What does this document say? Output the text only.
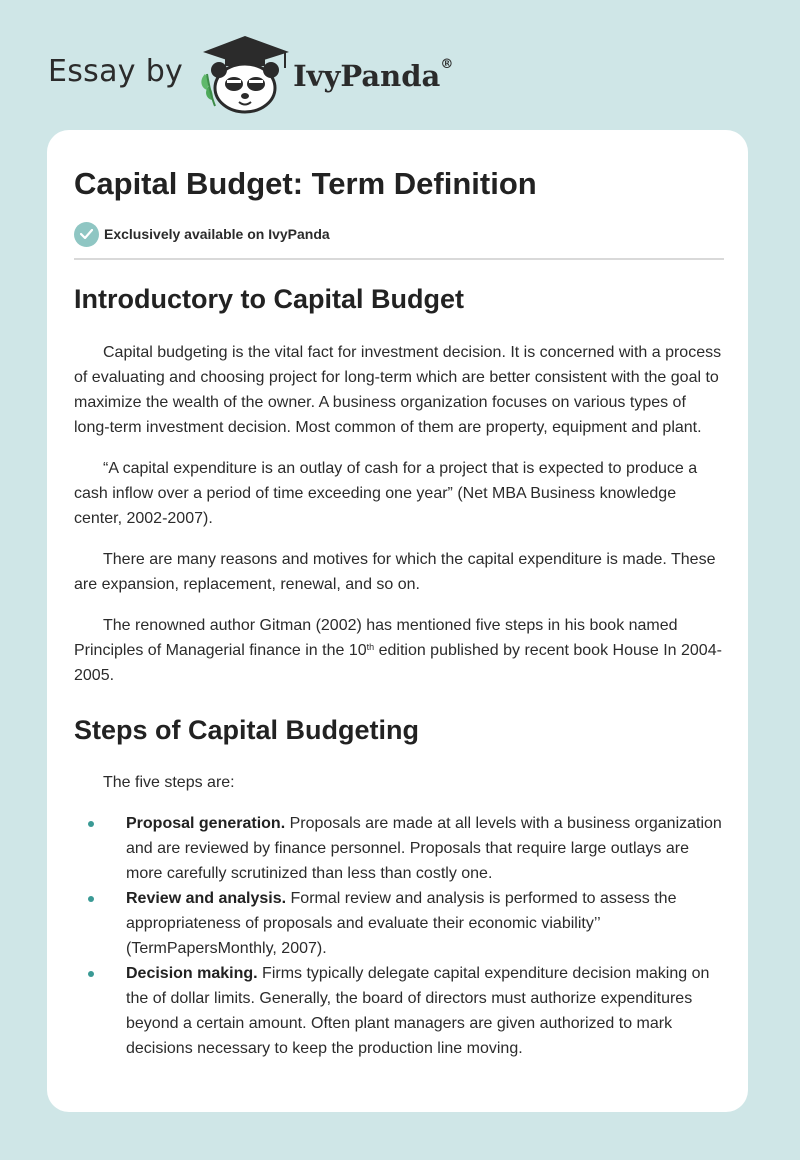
Essay by	IvyPanda®
Capital Budget: Term Definition
Exclusively available on IvyPanda
Introductory to Capital Budget

Capital budgeting is the vital fact for investment decision. It is concerned with a process of evaluating and choosing project for long-term which are better consistent with the goal to maximize the wealth of the owner. A business organization focuses on various types of long-term investment decision. Most common of them are property, equipment and plant.

“A capital expenditure is an outlay of cash for a project that is expected to produce a cash inflow over a period of time exceeding one year” (Net MBA Business knowledge center, 2002-2007).

There are many reasons and motives for which the capital expenditure is made. These are expansion, replacement, renewal, and so on.

The renowned author Gitman (2002) has mentioned five steps in his book named Principles of Managerial finance in the 10th edition published by recent book House In 2004-2005.

Steps of Capital Budgeting

The five steps are:

Proposal generation. Proposals are made at all levels with a business organization and are reviewed by finance personnel. Proposals that require large outlays are more carefully scrutinized than less than costly one.
Review and analysis. Formal review and analysis is performed to assess the appropriateness of proposals and evaluate their economic viability’’ (TermPapersMonthly, 2007).
Decision making. Firms typically delegate capital expenditure decision making on the of dollar limits. Generally, the board of directors must authorize expenditures beyond a certain amount. Often plant managers are given authorized to mark decisions necessary to keep the production line moving.
